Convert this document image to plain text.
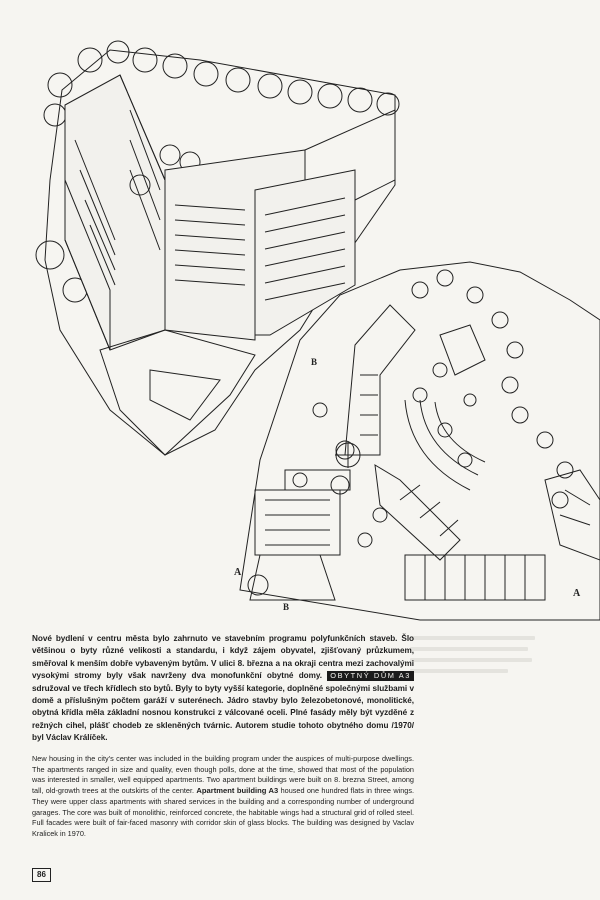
A
A
B
B
Nové bydlení v centru města bylo zahrnuto ve stavebním programu polyfunkčních staveb. Šlo většinou o byty různé velikosti a standardu, i když zájem obyvatel, zjišťovaný průzkumem, směřoval k menším dobře vybaveným bytům. V ulici 8. března a na okraji centra mezi zachovalými vysokými stromy byly však navrženy dva monofunkční obytné domy. OBYTNÝ DŮM A3 sdružoval ve třech křídlech sto bytů. Byly to byty vyšší kategorie, doplněné společnými službami v domě a příslušným počtem garáží v suterénech. Jádro stavby bylo železobetonové, monolitické, obytná křídla měla základní nosnou konstrukci z válcované oceli. Plné fasády měly být vyzděné z režných cihel, plášť chodeb ze skleněných tvárnic. Autorem studie tohoto obytného domu /1970/ byl Václav Králíček.
New housing in the city's center was included in the building program under the auspices of multi-purpose dwellings. The apartments ranged in size and quality, even though polls, done at the time, showed that most of the population was interested in smaller, well equipped apartments. Two apartment buildings were built on 8. brezna Street, among tall, old-growth trees at the outskirts of the center. Apartment building A3 housed one hundred flats in three wings. They were upper class apartments with shared services in the building and a corresponding number of underground garages. The core was built of monolithic, reinforced concrete, the habitable wings had a structural grid of rolled steel. Full facades were built of fair-faced masonry with corridor skin of glass blocks. The building was designed by Vaclav Kralicek in 1970.
86
